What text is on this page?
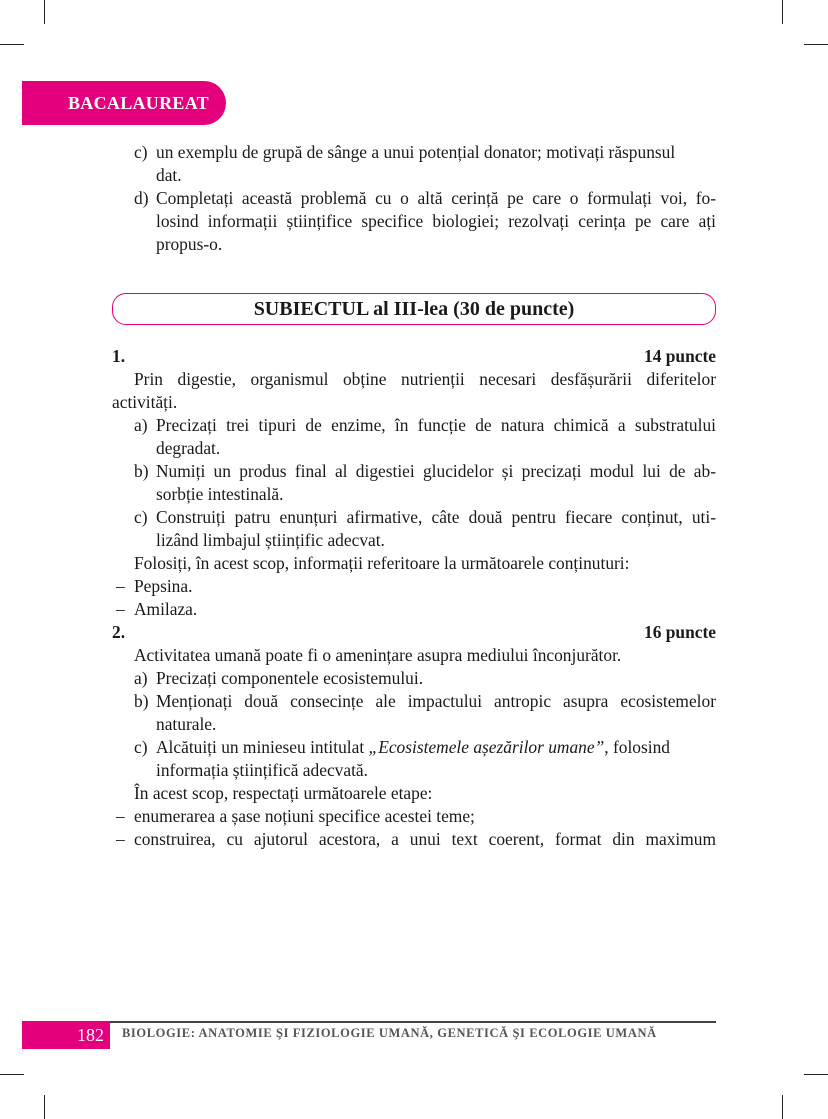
BACALAUREAT
c) un exemplu de grupă de sânge a unui potențial donator; motivați răspunsul
dat.
d) Completați această problemă cu o altă cerință pe care o formulați voi, fo-
losind informații științifice specifice biologiei; rezolvați cerința pe care ați
propus-o.
SUBIECTUL al III-lea (30 de puncte)
1.	14 puncte
Prin digestie, organismul obține nutrienții necesari desfășurării diferitelor
activități.
a) Precizați trei tipuri de enzime, în funcție de natura chimică a substratului
degradat.
b) Numiți un produs final al digestiei glucidelor și precizați modul lui de ab-
sorbție intestinală.
c) Construiți patru enunțuri afirmative, câte două pentru fiecare conținut, uti-
lizând limbajul științific adecvat.
Folosiți, în acest scop, informații referitoare la următoarele conținuturi:
– Pepsina.
– Amilaza.
2.	16 puncte
Activitatea umană poate fi o amenințare asupra mediului înconjurător.
a) Precizați componentele ecosistemului.
b) Menționați două consecințe ale impactului antropic asupra ecosistemelor
naturale.
c) Alcătuiți un minieseu intitulat „Ecosistemele așezărilor umane”, folosind
informația științifică adecvată.
În acest scop, respectați următoarele etape:
– enumerarea a șase noțiuni specifice acestei teme;
– construirea, cu ajutorul acestora, a unui text coerent, format din maximum
182	BIOLOGIE: ANATOMIE ŞI FIZIOLOGIE UMANĂ, GENETICĂ ŞI ECOLOGIE UMANĂ
